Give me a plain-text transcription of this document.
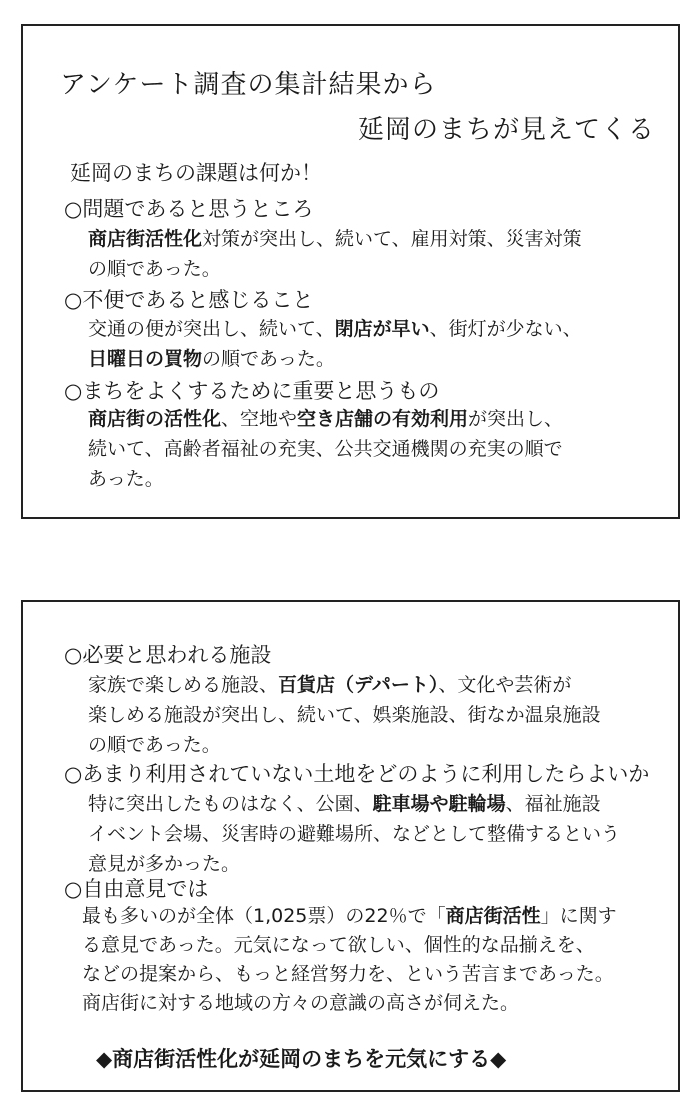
アンケート調査の集計結果から
延岡のまちが見えてくる
延岡のまちの課題は何か！
○問題であると思うところ
商店街活性化対策が突出し、続いて、雇用対策、災害対策
の順であった。
○不便であると感じること
交通の便が突出し、続いて、閉店が早い、街灯が少ない、
日曜日の買物の順であった。
○まちをよくするために重要と思うもの
商店街の活性化、空地や空き店舗の有効利用が突出し、
続いて、高齢者福祉の充実、公共交通機関の充実の順で
あった。
○必要と思われる施設
家族で楽しめる施設、百貨店（デパート）、文化や芸術が
楽しめる施設が突出し、続いて、娯楽施設、街なか温泉施設
の順であった。
○あまり利用されていない土地をどのように利用したらよいか
特に突出したものはなく、公園、駐車場や駐輪場、福祉施設
イベント会場、災害時の避難場所、などとして整備するという
意見が多かった。
○自由意見では
最も多いのが全体（1,025票）の22％で「商店街活性」に関す
る意見であった。元気になって欲しい、個性的な品揃えを、
などの提案から、もっと経営努力を、という苦言まであった。
商店街に対する地域の方々の意識の高さが伺えた。
◆商店街活性化が延岡のまちを元気にする◆
